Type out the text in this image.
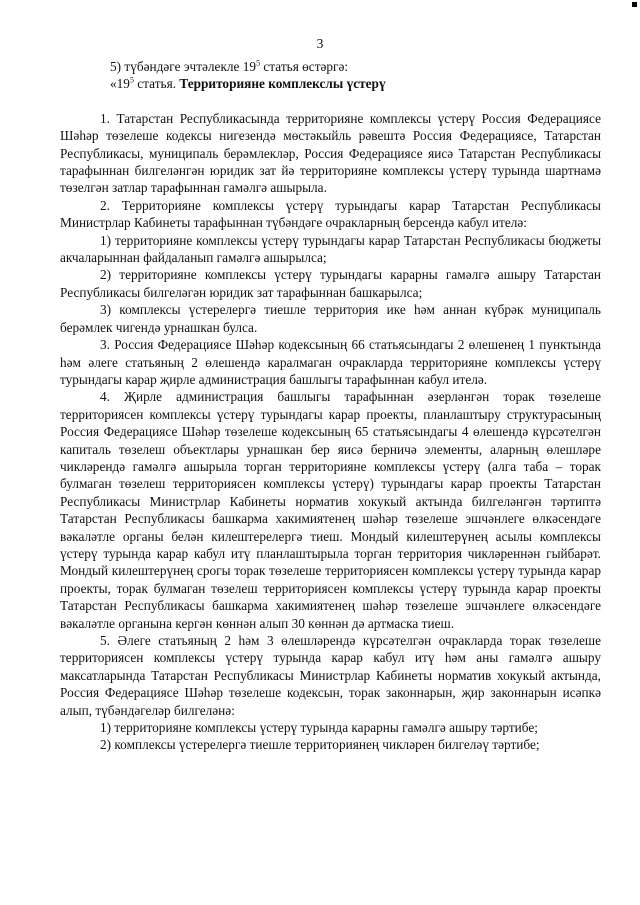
3

5) түбәндәге эчтәлекле $19^5$ статья өстәргә:

«$19^5$ статья. Территорияне комплекслы үстерү

1. Татарстан Республикасында территорияне комплексы үстерү Россия Федерациясе Шәһәр төзелеше кодексы нигезендә мөстәкыйль рәвештә Россия Федерациясе, Татарстан Республикасы, муниципаль берәмлекләр, Россия Федерациясе яисә Татарстан Республикасы тарафыннан билгеләнгән юридик зат йә территорияне комплексы үстерү турында шартнамә төзелгән затлар тарафыннан гамәлгә ашырыла.

2. Территорияне комплексы үстерү турындагы карар Татарстан Республикасы Министрлар Кабинеты тарафыннан түбәндәге очракларның берсендә кабул ителә:

1) территорияне комплексы үстерү турындагы карар Татарстан Республикасы бюджеты акчаларыннан файдаланып гамәлгә ашырылса;

2) территорияне комплексы үстерү турындагы карарны гамәлгә ашыру Татарстан Республикасы билгеләгән юридик зат тарафыннан башкарылса;

3) комплексы үстерелергә тиешле территория ике һәм аннан күбрәк муниципаль берәмлек чигендә урнашкан булса.

3. Россия Федерациясе Шәһәр кодексының 66 статьясындагы 2 өлешенең 1 пунктында һәм әлеге статьяның 2 өлешендә каралмаган очракларда территорияне комплексы үстерү турындагы карар җирле администрация башлыгы тарафыннан кабул ителә.

4. Җирле администрация башлыгы тарафыннан әзерләнгән торак төзелеше территориясен комплексы үстерү турындагы карар проекты, планлаштыру структурасының Россия Федерациясе Шәһәр төзелеше кодексының 65 статьясындагы 4 өлешендә күрсәтелгән капиталь төзелеш объектлары урнашкан бер яисә берничә элементы, аларның өлешләре чикләрендә гамәлгә ашырыла торган территорияне комплексы үстерү (алга таба – торак булмаган төзелеш территориясен комплексы үстерү) турындагы карар проекты Татарстан Республикасы Министрлар Кабинеты норматив хокукый актында билгеләнгән тәртиптә Татарстан Республикасы башкарма хакимиятенең шәһәр төзелеше эшчәнлеге өлкәсендәге вәкаләтле органы белән килештерелергә тиеш. Мондый килештерүнең асылы комплексы үстерү турында карар кабул итү планлаштырыла торган территория чикләреннән гыйбарәт. Мондый килештерүнең срогы торак төзелеше территориясен комплексы үстерү турында карар проекты, торак булмаган төзелеш территориясен комплексы үстерү турында карар проекты Татарстан Республикасы башкарма хакимиятенең шәһәр төзелеше эшчәнлеге өлкәсендәге вәкаләтле органына кергән көннән алып 30 көннән дә артмаска тиеш.

5. Әлеге статьяның 2 һәм 3 өлешләрендә күрсәтелгән очракларда торак төзелеше территориясен комплексы үстерү турында карар кабул итү һәм аны гамәлгә ашыру максатларында Татарстан Республикасы Министрлар Кабинеты норматив хокукый актында, Россия Федерациясе Шәһәр төзелеше кодексын, торак законнарын, җир законнарын исәпкә алып, түбәндәгеләр билгеләнә:

1) территорияне комплексы үстерү турында карарны гамәлгә ашыру тәртибе;

2) комплексы үстерелергә тиешле территориянең чикләрен билгеләү тәртибе;
